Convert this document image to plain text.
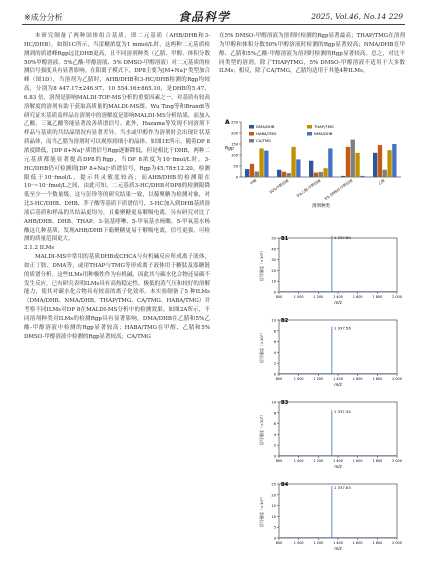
※成分分析	食品科学	2025, Vol.46, No.14 229

本研究制备了两种固体组合基质，即二元基质（AHB/DHB和3-HC/DHB），如图1C所示，当雷糖浓度为1 mmol/L时，这两种二元基质检测到的质谱峰Rgp远比DHB更高，且不同溶剂种类（乙腈、甲醇、体积分数50%甲醇溶液、5%乙酸-甲醇溶液、5% DMSO-甲醇溶液）对二元基质的检测信号强度具有显著影响。在阳离子模式下，DP8主要为[M+Na]⁺类型加合峰（图1D），当溶剂为乙腈时，AHB/DHB和3-HC/DHB检测的Rgp均较高，分别为8 447.17±246.97、10 554.16±865.10，是DHB的5.47、6.83 倍，溶剂是影响MALDI-TOF-MS分析的重要因素之一，对基质有较高溶解度的溶剂有助于获取高质量的MALDI-MS图。Wu Ting等和Brandt等研究证实基质及样品在溶剂中的溶解度是影响MALDI-MS分析结果，而加入乙酸、三氟乙酸等能显著改善质谱信号。此外，Hazama等发现不同溶剂下样品与基质的共结晶情况有显著差异，当水或甲醇作为溶剂时会出现针状基质晶体，而当乙腈为溶剂时可以观察到细小的晶体。如图1E所示，随着DP 8浓度降低，[DP 8+Na]⁺质谱信号Rgp逐渐降低，但是相比于DHB，两种二元基质都能显著提高DP8的Rgp，当DP 8浓度为10⁻fmol/L时，3-HC/DHB仍可检测到[DP 8+Na]⁺质谱信号，Rgp为45.78±12.20，检测限低于10⁻fmol/L，提示其灵敏度较高；而AHB/DHB的检测限在10⁻~10⁻fmol/L之间，由此可知，二元基质3-HC/DHB对DP8的检测限降低至少一个数量级，这与彭珍等的研究结果一致，以葡聚糖为检测对象，对比3-HC/DHB、DHB、芥子酸等基质下质谱信号，3-HC加入到DHB基质溶液后基质和样品的共结晶更均匀，且葡聚糖更易解吸电离。另有研究对比了AHB/DHB、DHB、THAP、3-氨基喹啉、5-甲氧基水杨酸、5-甲氧基水杨酸这几种基质，发现AHB/DHB下葡聚糖更易于解吸电离，信号更强，可检测的质量范围更大。

2.1.2 ILMs

MALDI-MS中常用的基质DHB或CHCA与有机碱反应所成离子液体，如正丁胺、DMA等，或用THAP与TMG等形成离子液体用于糖肽及寡糖链的质谱分析。这些ILMs用种极性作为有机碱，因此其与碳水化合物还易碳不发生反应，已有研究表明ILMs具有高热稳定性、极低的蒸气压和较好的溶解能力，使其对碳水化合物具有较高的离子化效率。本实验制备了5 种ILMs（DMA/DHB、NMA/DHB、THAP/TMG、CA/TMG、HABA/TMG）并考察不同ILMs对DP 8在MALDI-MS分析中的检测效果。如图2A所示，不同溶剂种类对ILMs的检测Rgp具有显著影响，DMA/DHB在乙腈和5%乙酸-甲醇溶液中检测的Rgp显著较高；HABA/TMG在甲醇、乙腈和5% DMSO-甲醇溶液中检测的Rgp显著较高；CA/TMG

在5% DMSO-甲醇溶液为溶剂时检测的Rgp显著最高；THAP/TMG在溶剂为甲醇和体积分数50%甲醇溶液时检测的Rgp显著较高；NMA/DHB在甲醇、乙腈和5%乙酸-甲醇溶液为溶剂时检测的Rgp显著较高。总之，对比不同类型的溶剂，除了THAP/TMG，5% DMSO-甲醇溶液不适用于大多数ILMs；相反，除了CA/TMG，乙腈均适用于其他4种ILMs。

A
0
50
100
150
200
250
Rgp
DMA/DHB
HABA/TMG
CA/TMG
THAP/TMG
NMA/DHB
甲醇	50%甲醇溶液 5%乙酸-甲醇溶液 5% DMSO-甲醇溶液	乙腈
溶剂种类
B1
0
10
20
30
40
50
800	1 000	1 200	1 400	1 600	1 800	2 000
m/z
信号强度（×10⁴）
1 337.60
B2
0
2
4
6
8
10
800	1 000	1 200	1 400	1 600	1 800	2 000
m/z
信号强度（×10⁴）
1 337.56
B3
0
2
4
6
8
10
800	1 000	1 200	1 400	1 600	1 800	2 000
m/z
信号强度（×10⁴）
1 337.54
B4
0
5
10
15
20
25
800	1 000	1 200	1 400	1 600	1 800	2 000
m/z
信号强度（×10⁴）
1 337.63
